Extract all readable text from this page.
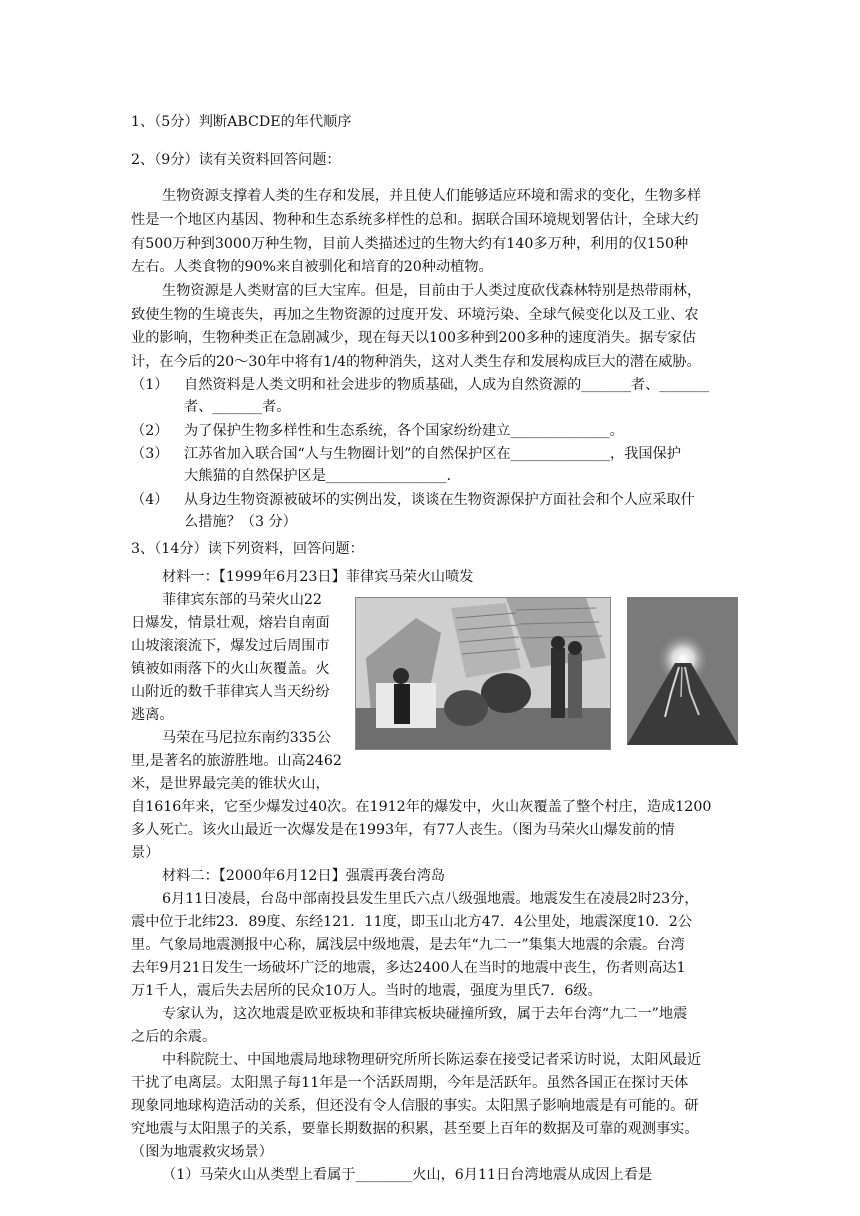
1、（5分）判断ABCDE的年代顺序
2、（9分）读有关资料回答问题：
生物资源支撑着人类的生存和发展，并且使人们能够适应环境和需求的变化，生物多样
性是一个地区内基因、物种和生态系统多样性的总和。据联合国环境规划署估计，全球大约
有500万种到3000万种生物，目前人类描述过的生物大约有140多万种，利用的仅150种
左右。人类食物的90%来自被驯化和培育的20种动植物。
生物资源是人类财富的巨大宝库。但是，目前由于人类过度砍伐森林特别是热带雨林，
致使生物的生境丧失，再加之生物资源的过度开发、环境污染、全球气候变化以及工业、农
业的影响，生物种类正在急剧减少，现在每天以100多种到200多种的速度消失。据专家估
计，在今后的20～30年中将有1/4的物种消失，这对人类生存和发展构成巨大的潜在威胁。
（1） 自然资料是人类文明和社会进步的物质基础，人成为自然资源的_______者、_______
者、_______者。
（2） 为了保护生物多样性和生态系统，各个国家纷纷建立______________。
（3） 江苏省加入联合国“人与生物圈计划”的自然保护区在______________，我国保护
大熊猫的自然保护区是_________________.
（4） 从身边生物资源被破坏的实例出发，谈谈在生物资源保护方面社会和个人应采取什
么措施？（3 分）
3、（14分）读下列资料，回答问题：
材料一：【1999年6月23日】菲律宾马荣火山喷发
菲律宾东部的马荣火山22
日爆发，情景壮观，熔岩自南面
山坡滚滚流下，爆发过后周围市
镇被如雨落下的火山灰覆盖。火
山附近的数千菲律宾人当天纷纷
逃离。
马荣在马尼拉东南约335公
里,是著名的旅游胜地。山高2462
米，是世界最完美的锥状火山，
自1616年来，它至少爆发过40次。在1912年的爆发中，火山灰覆盖了整个村庄，造成1200
多人死亡。该火山最近一次爆发是在1993年，有77人丧生。（图为马荣火山爆发前的情
景）
材料二：【2000年6月12日】强震再袭台湾岛
6月11日凌晨，台岛中部南投县发生里氏六点八级强地震。地震发生在凌晨2时23分，
震中位于北纬23．89度、东经121．11度，即玉山北方47．4公里处，地震深度10．2公
里。气象局地震测报中心称，属浅层中级地震，是去年“九二一”集集大地震的余震。台湾
去年9月21日发生一场破坏广泛的地震，多达2400人在当时的地震中丧生，伤者则高达1
万1千人，震后失去居所的民众10万人。当时的地震，强度为里氏7．6级。
专家认为，这次地震是欧亚板块和菲律宾板块碰撞所致，属于去年台湾“九二一”地震
之后的余震。
中科院院士、中国地震局地球物理研究所所长陈运泰在接受记者采访时说，太阳风最近
干扰了电离层。太阳黑子每11年是一个活跃周期，今年是活跃年。虽然各国正在探讨天体
现象同地球构造活动的关系，但还没有令人信服的事实。太阳黑子影响地震是有可能的。研
究地震与太阳黑子的关系，要靠长期数据的积累，甚至要上百年的数据及可靠的观测事实。
（图为地震救灾场景）
（1）马荣火山从类型上看属于________火山，6月11日台湾地震从成因上看是
